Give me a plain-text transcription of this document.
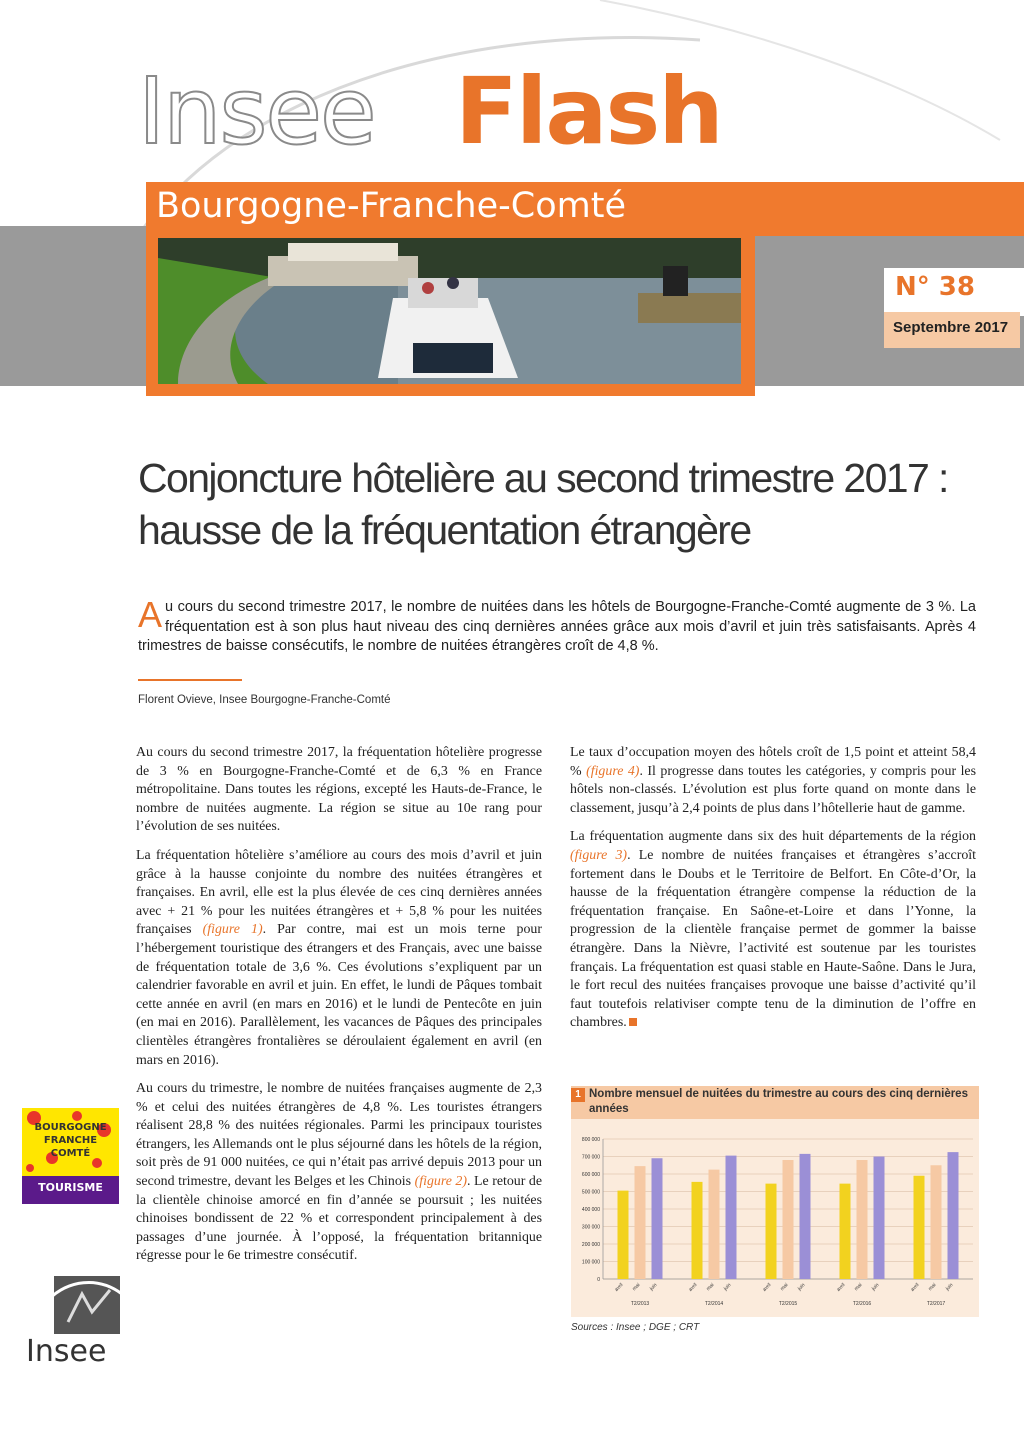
Insee Flash
Bourgogne-Franche-Comté
N° 38
Septembre 2017
Conjoncture hôtelière au second trimestre 2017 :
hausse de la fréquentation étrangère
Au cours du second trimestre 2017, le nombre de nuitées dans les hôtels de Bourgogne-Franche-Comté augmente de 3 %. La fréquentation est à son plus haut niveau des cinq dernières années grâce aux mois d’avril et juin très satisfaisants. Après 4 trimestres de baisse consécutifs, le nombre de nuitées étrangères croît de 4,8 %.
Florent Ovieve, Insee Bourgogne-Franche-Comté

Au cours du second trimestre 2017, la fréquentation hôtelière progresse de 3 % en Bourgogne-Franche-Comté et de 6,3 % en France métropolitaine. Dans toutes les régions, excepté les Hauts-de-France, le nombre de nuitées augmente. La région se situe au 10e rang pour l’évolution de ses nuitées.

La fréquentation hôtelière s’améliore au cours des mois d’avril et juin grâce à la hausse conjointe du nombre des nuitées étrangères et françaises. En avril, elle est la plus élevée de ces cinq dernières années avec + 21 % pour les nuitées étrangères et + 5,8 % pour les nuitées françaises (figure 1). Par contre, mai est un mois terne pour l’hébergement touristique des étrangers et des Français, avec une baisse de fréquentation totale de 3,6 %. Ces évolutions s’expliquent par un calendrier favorable en avril et juin. En effet, le lundi de Pâques tombait cette année en avril (en mars en 2016) et le lundi de Pentecôte en juin (en mai en 2016). Parallèlement, les vacances de Pâques des principales clientèles étrangères frontalières se déroulaient également en avril (en mars en 2016).

Au cours du trimestre, le nombre de nuitées françaises augmente de 2,3 % et celui des nuitées étrangères de 4,8 %. Les touristes étrangers réalisent 28,8 % des nuitées régionales. Parmi les principaux touristes étrangers, les Allemands ont le plus séjourné dans les hôtels de la région, soit près de 91 000 nuitées, ce qui n’était pas arrivé depuis 2013 pour un second trimestre, devant les Belges et les Chinois (figure 2). Le retour de la clientèle chinoise amorcé en fin d’année se poursuit ; les nuitées chinoises bondissent de 22 % et correspondent principalement à des passages d’une journée. À l’opposé, la fréquentation britannique régresse pour le 6e trimestre consécutif.

Le taux d’occupation moyen des hôtels croît de 1,5 point et atteint 58,4 % (figure 4). Il progresse dans toutes les catégories, y compris pour les hôtels non-classés. L’évolution est plus forte quand on monte dans le classement, jusqu’à 2,4 points de plus dans l’hôtellerie haut de gamme.

La fréquentation augmente dans six des huit départements de la région (figure 3). Le nombre de nuitées françaises et étrangères s’accroît fortement dans le Doubs et le Territoire de Belfort. En Côte-d’Or, la hausse de la fréquentation étrangère compense la réduction de la fréquentation française. En Saône-et-Loire et dans l’Yonne, la progression de la clientèle française permet de gommer la baisse étrangère. Dans la Nièvre, l’activité est soutenue par les touristes français. La fréquentation est quasi stable en Haute-Saône. Dans le Jura, le fort recul des nuitées françaises provoque une baisse d’activité qu’il faut toutefois relativiser compte tenu de la diminution de l’offre en chambres.

1 Nombre mensuel de nuitées du trimestre au cours des cinq dernières années
0
100 000
200 000
300 000
400 000
500 000
600 000
700 000
800 000
avril mai juin
T2/2013
avril mai juin
T2/2014
avril mai juin
T2/2015
avril mai juin
T2/2016
avril mai juin
T2/2017
Sources : Insee ; DGE ; CRT
BOURGOGNE
FRANCHE
COMTÉ
TOURISME
Insee
